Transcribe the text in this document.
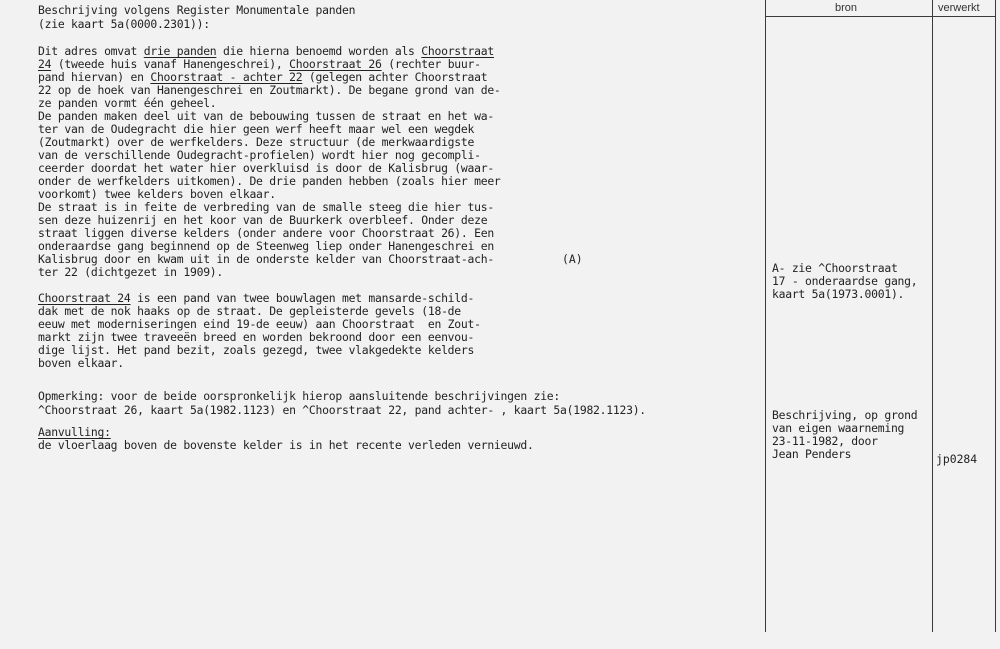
bron	verwerkt
Beschrijving volgens Register Monumentale panden
(zie kaart 5a(0000.2301)):
Dit adres omvat drie panden die hierna benoemd worden als Choorstraat
24 (tweede huis vanaf Hanengeschrei), Choorstraat 26 (rechter buur-
pand hiervan) en Choorstraat - achter 22 (gelegen achter Choorstraat
22 op de hoek van Hanengeschrei en Zoutmarkt). De begane grond van de-
ze panden vormt één geheel.
De panden maken deel uit van de bebouwing tussen de straat en het wa-
ter van de Oudegracht die hier geen werf heeft maar wel een wegdek
(Zoutmarkt) over de werfkelders. Deze structuur (de merkwaardigste
van de verschillende Oudegracht-profielen) wordt hier nog gecompli-
ceerder doordat het water hier overkluisd is door de Kalisbrug (waar-
onder de werfkelders uitkomen). De drie panden hebben (zoals hier meer
voorkomt) twee kelders boven elkaar.
De straat is in feite de verbreding van de smalle steeg die hier tus-
sen deze huizenrij en het koor van de Buurkerk overbleef. Onder deze
straat liggen diverse kelders (onder andere voor Choorstraat 26). Een
onderaardse gang beginnend op de Steenweg liep onder Hanengeschrei en
Kalisbrug door en kwam uit in de onderste kelder van Choorstraat-ach-
ter 22 (dichtgezet in 1909).
Choorstraat 24 is een pand van twee bouwlagen met mansarde-schild-
dak met de nok haaks op de straat. De gepleisterde gevels (18-de
eeuw met moderniseringen eind 19-de eeuw) aan Choorstraat  en Zout-
markt zijn twee traveeën breed en worden bekroond door een eenvou-
dige lijst. Het pand bezit, zoals gezegd, twee vlakgedekte kelders
boven elkaar.
Opmerking: voor de beide oorspronkelijk hierop aansluitende beschrijvingen zie:
^Choorstraat 26, kaart 5a(1982.1123) en ^Choorstraat 22, pand achter- , kaart 5a(1982.1123).
Aanvulling:
de vloerlaag boven de bovenste kelder is in het recente verleden vernieuwd.
(A)
A- zie ^Choorstraat
17 - onderaardse gang,
kaart 5a(1973.0001).
Beschrijving, op grond
van eigen waarneming
23-11-1982, door
Jean Penders	jp0284
